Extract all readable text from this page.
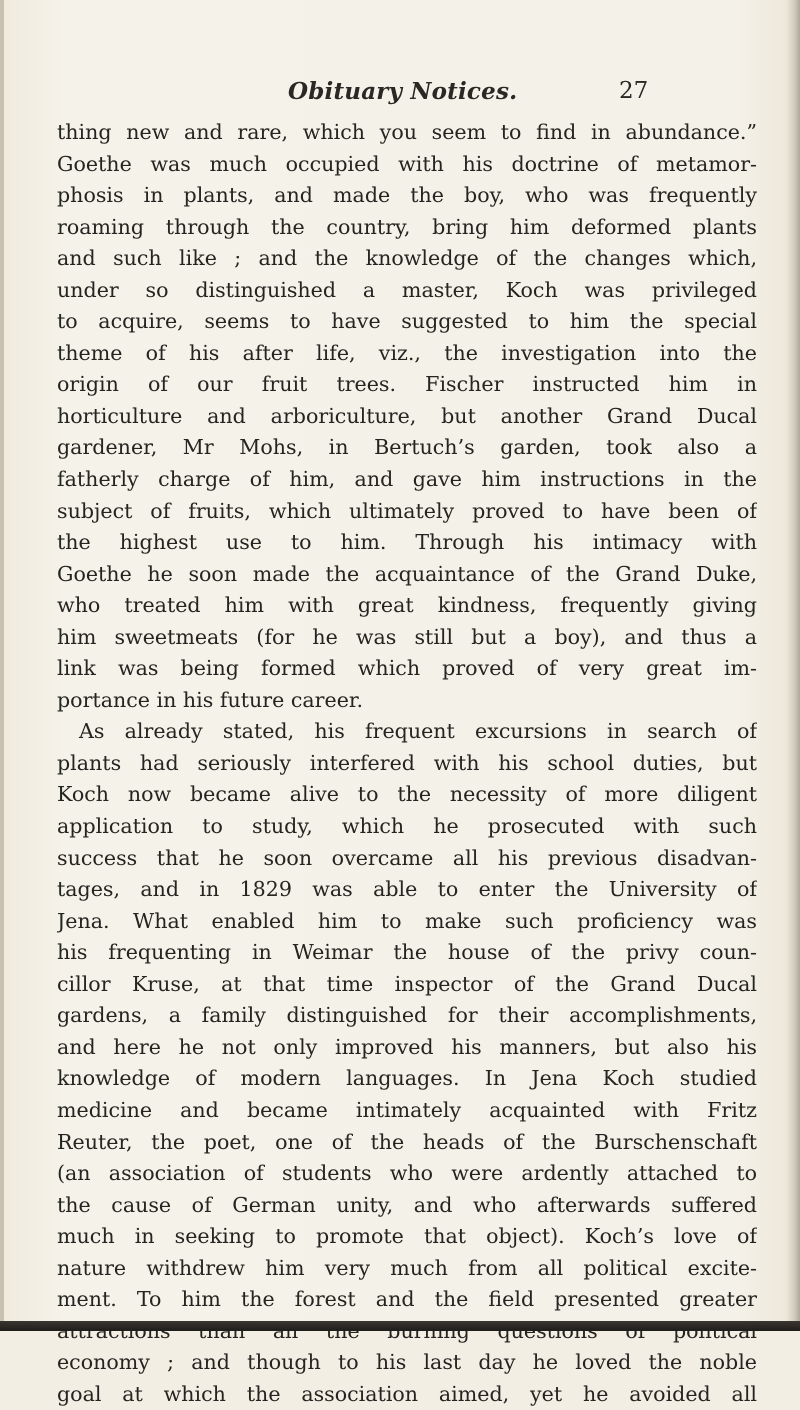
Obituary Notices.	27
thing new and rare, which you seem to find in abundance.”
Goethe was much occupied with his doctrine of metamor-
phosis in plants, and made the boy, who was frequently
roaming through the country, bring him deformed plants
and such like ; and the knowledge of the changes which,
under so distinguished a master, Koch was privileged
to acquire, seems to have suggested to him the special
theme of his after life, viz., the investigation into the
origin of our fruit trees. Fischer instructed him in
horticulture and arboriculture, but another Grand Ducal
gardener, Mr Mohs, in Bertuch’s garden, took also a
fatherly charge of him, and gave him instructions in the
subject of fruits, which ultimately proved to have been of
the highest use to him. Through his intimacy with
Goethe he soon made the acquaintance of the Grand Duke,
who treated him with great kindness, frequently giving
him sweetmeats (for he was still but a boy), and thus a
link was being formed which proved of very great im-
portance in his future career.
As already stated, his frequent excursions in search of
plants had seriously interfered with his school duties, but
Koch now became alive to the necessity of more diligent
application to study, which he prosecuted with such
success that he soon overcame all his previous disadvan-
tages, and in 1829 was able to enter the University of
Jena. What enabled him to make such proficiency was
his frequenting in Weimar the house of the privy coun-
cillor Kruse, at that time inspector of the Grand Ducal
gardens, a family distinguished for their accomplishments,
and here he not only improved his manners, but also his
knowledge of modern languages. In Jena Koch studied
medicine and became intimately acquainted with Fritz
Reuter, the poet, one of the heads of the Burschenschaft
(an association of students who were ardently attached to
the cause of German unity, and who afterwards suffered
much in seeking to promote that object). Koch’s love of
nature withdrew him very much from all political excite-
ment. To him the forest and the field presented greater
economy ; and though to his last day he loved the noble
goal at which the association aimed, yet he avoided all
